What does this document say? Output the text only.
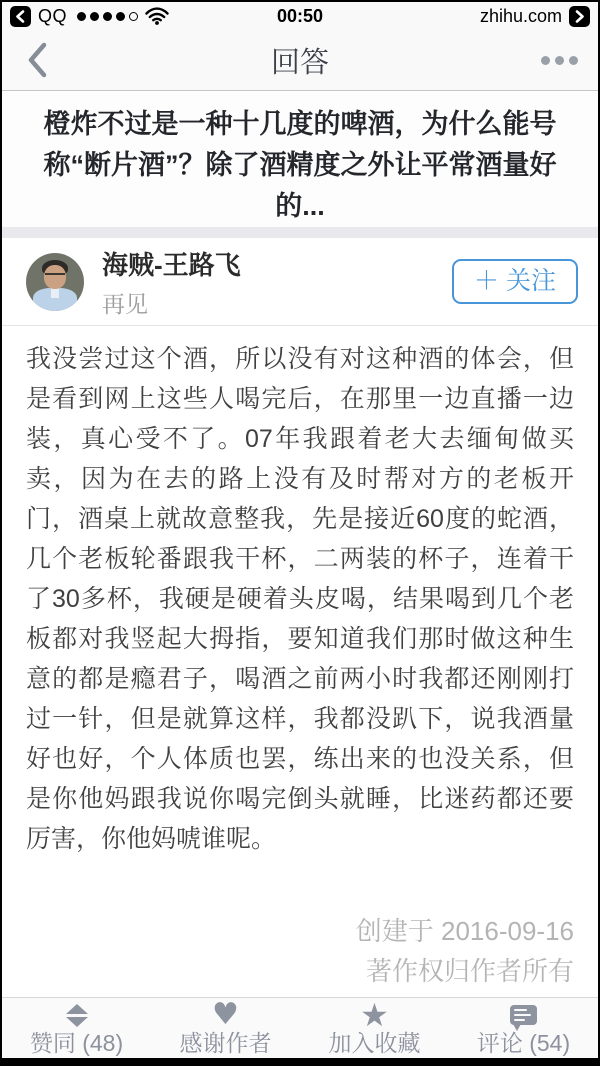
QQ	00:50	zhihu.com
回答
橙炸不过是一种十几度的啤酒，为什么能号称“断片酒”？除了酒精度之外让平常酒量好的...
海贼-王路飞
再见
＋ 关注
我没尝过这个酒，所以没有对这种酒的体会，但是看到网上这些人喝完后，在那里一边直播一边装，真心受不了。07年我跟着老大去缅甸做买卖，因为在去的路上没有及时帮对方的老板开门，酒桌上就故意整我，先是接近60度的蛇酒，几个老板轮番跟我干杯，二两装的杯子，连着干了30多杯，我硬是硬着头皮喝，结果喝到几个老板都对我竖起大拇指，要知道我们那时做这种生意的都是瘾君子，喝酒之前两小时我都还刚刚打过一针，但是就算这样，我都没趴下，说我酒量好也好，个人体质也罢，练出来的也没关系，但是你他妈跟我说你喝完倒头就睡，比迷药都还要厉害，你他妈唬谁呢。
创建于 2016-09-16
著作权归作者所有
赞同 (48)
♥
感谢作者
★
加入收藏 评论 (54)
